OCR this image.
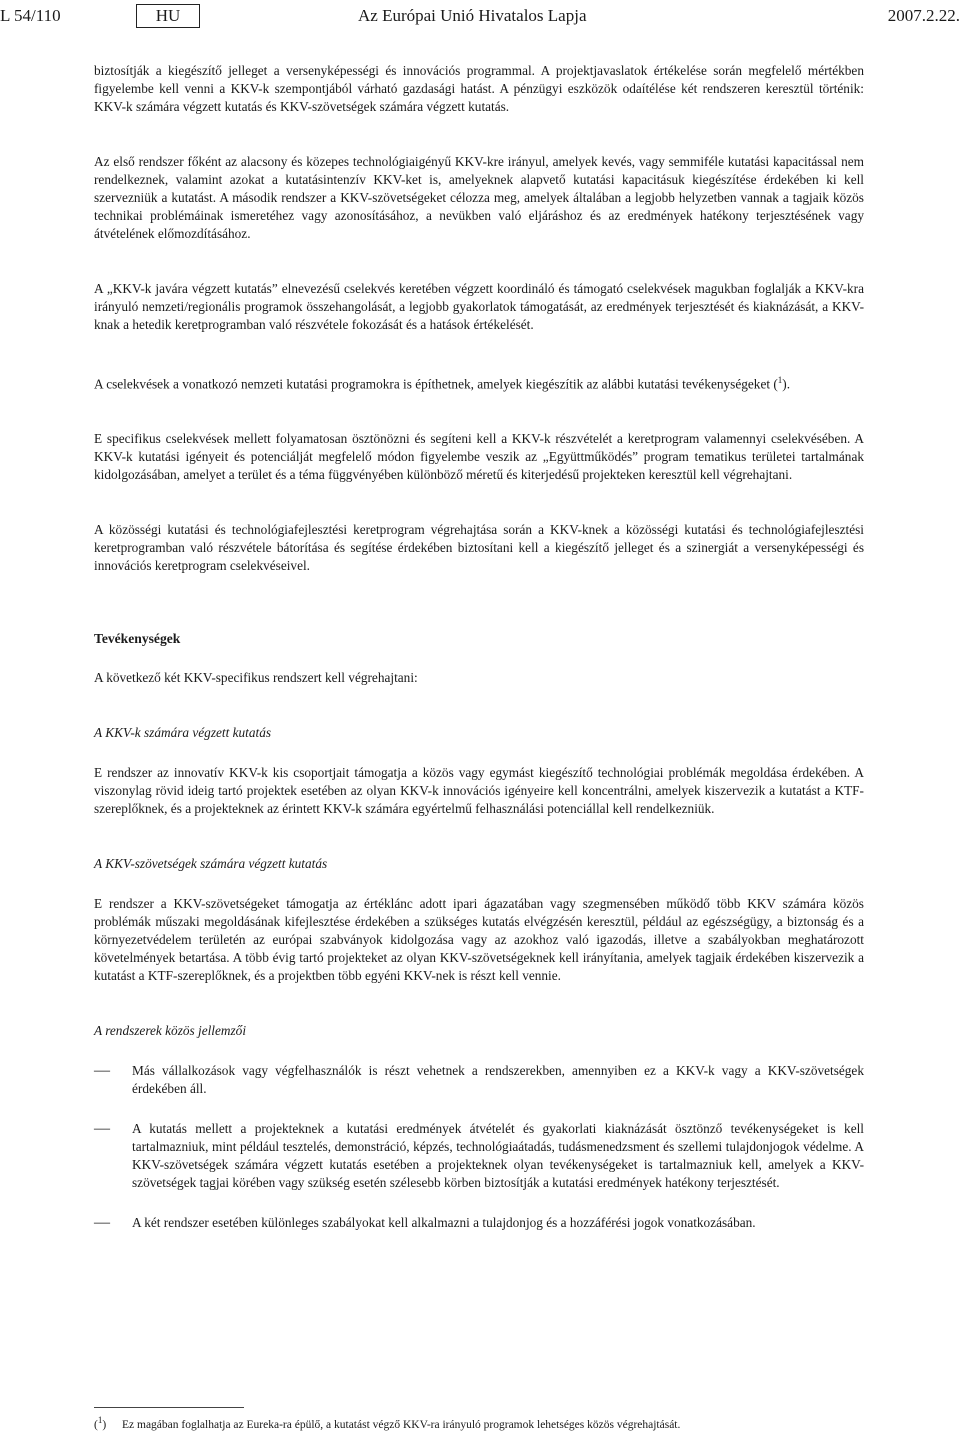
L 54/110	HU	Az Európai Unió Hivatalos Lapja	2007.2.22.

biztosítják a kiegészítő jelleget a versenyképességi és innovációs programmal. A projektjavaslatok értékelése során megfelelő mértékben figyelembe kell venni a KKV-k szempontjából várható gazdasági hatást. A pénzügyi eszközök odaítélése két rendszeren keresztül történik: KKV-k számára végzett kutatás és KKV-szövetségek számára végzett kutatás.

Az első rendszer főként az alacsony és közepes technológiaigényű KKV-kre irányul, amelyek kevés, vagy semmiféle kutatási kapacitással nem rendelkeznek, valamint azokat a kutatásintenzív KKV-ket is, amelyeknek alapvető kutatási kapacitásuk kiegészítése érdekében ki kell szervezniük a kutatást. A második rendszer a KKV-szövetségeket célozza meg, amelyek általában a legjobb helyzetben vannak a tagjaik közös technikai problémáinak ismeretéhez vagy azonosításához, a nevükben való eljáráshoz és az eredmények hatékony terjesztésének vagy átvételének előmozdításához.

A „KKV-k javára végzett kutatás” elnevezésű cselekvés keretében végzett koordináló és támogató cselekvések magukban foglalják a KKV-kra irányuló nemzeti/regionális programok összehangolását, a legjobb gyakorlatok támogatását, az eredmények terjesztését és kiaknázását, a KKV-knak a hetedik keretprogramban való részvétele fokozását és a hatások értékelését.

A cselekvések a vonatkozó nemzeti kutatási programokra is építhetnek, amelyek kiegészítik az alábbi kutatási tevékenységeket ($^1$).

E specifikus cselekvések mellett folyamatosan ösztönözni és segíteni kell a KKV-k részvételét a keretprogram valamennyi cselekvésében. A KKV-k kutatási igényeit és potenciálját megfelelő módon figyelembe veszik az „Együttműködés” program tematikus területei tartalmának kidolgozásában, amelyet a terület és a téma függvényében különböző méretű és kiterjedésű projekteken keresztül kell végrehajtani.

A közösségi kutatási és technológiafejlesztési keretprogram végrehajtása során a KKV-knek a közösségi kutatási és technológiafejlesztési keretprogramban való részvétele bátorítása és segítése érdekében biztosítani kell a kiegészítő jelleget és a szinergiát a versenyképességi és innovációs keretprogram cselekvéseivel.

Tevékenységek

A következő két KKV-specifikus rendszert kell végrehajtani:

A KKV-k számára végzett kutatás

E rendszer az innovatív KKV-k kis csoportjait támogatja a közös vagy egymást kiegészítő technológiai problémák megoldása érdekében. A viszonylag rövid ideig tartó projektek esetében az olyan KKV-k innovációs igényeire kell koncentrálni, amelyek kiszervezik a kutatást a KTF-szereplőknek, és a projekteknek az érintett KKV-k számára egyértelmű felhasználási potenciállal kell rendelkezniük.

A KKV-szövetségek számára végzett kutatás

E rendszer a KKV-szövetségeket támogatja az értéklánc adott ipari ágazatában vagy szegmensében működő több KKV számára közös problémák műszaki megoldásának kifejlesztése érdekében a szükséges kutatás elvégzésén keresztül, például az egészségügy, a biztonság és a környezetvédelem területén az európai szabványok kidolgozása vagy az azokhoz való igazodás, illetve a szabályokban meghatározott követelmények betartása. A több évig tartó projekteket az olyan KKV-szövetségeknek kell irányítania, amelyek tagjaik érdekében kiszervezik a kutatást a KTF-szereplőknek, és a projektben több egyéni KKV-nek is részt kell vennie.

A rendszerek közös jellemzői
— Más vállalkozások vagy végfelhasználók is részt vehetnek a rendszerekben, amennyiben ez a KKV-k vagy a KKV-szövetségek érdekében áll.

— A kutatás mellett a projekteknek a kutatási eredmények átvételét és gyakorlati kiaknázását ösztönző tevékenységeket is kell tartalmazniuk, mint például tesztelés, demonstráció, képzés, technológiaátadás, tudásmenedzsment és szellemi tulajdonjogok védelme. A KKV-szövetségek számára végzett kutatás esetében a projekteknek olyan tevékenységeket is tartalmazniuk kell, amelyek a KKV-szövetségek tagjai körében vagy szükség esetén szélesebb körben biztosítják a kutatási eredmények hatékony terjesztését.

— A két rendszer esetében különleges szabályokat kell alkalmazni a tulajdonjog és a hozzáférési jogok vonatkozásában.

($^1$) Ez magában foglalhatja az Eureka-ra épülő, a kutatást végző KKV-ra irányuló programok lehetséges közös végrehajtását.
